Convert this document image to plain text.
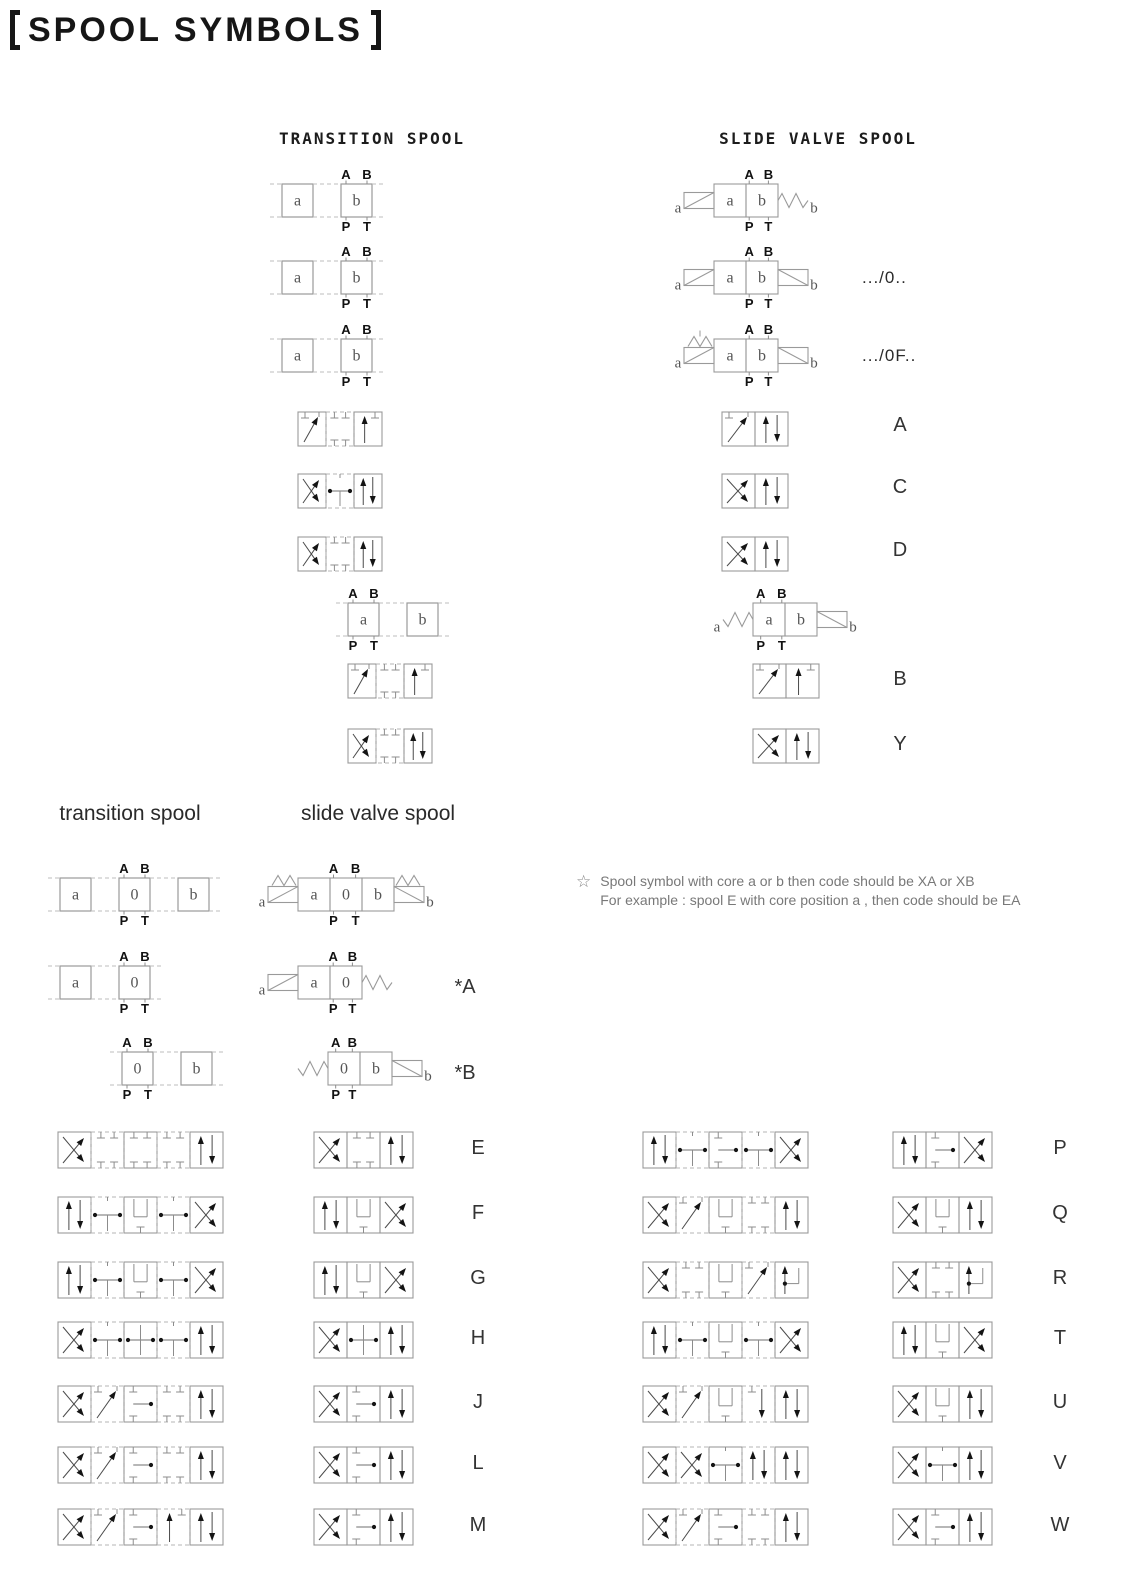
SPOOL SYMBOLS
TRANSITION SPOOL	SLIDE VALVE SPOOL
a	b
A B
P T
a b
a	b
A B
P T
a	b
A B
P T
a b
a	b
A B
P T
.../0..
a	b
A B
P T
a b
a	b
A B
P T
.../0F..
A
C
D
a	b
A B
P T
a b
a	b
A B
P T
B
Y
transition spool	slide valve spool
☆ Spool symbol with core a or b then code should be XA or XB
For example : spool E with core position a , then code should be EA
a	0	b
A B
P T
a 0 b
a	b
A B
P T
a	0
A B
P T
a 0
a
A B
P T
*A
0	b
A B
P T
0 b	b
A B
P T
*B
E
F
G
H
J
L
M
P
Q
R
T
U
V
W
